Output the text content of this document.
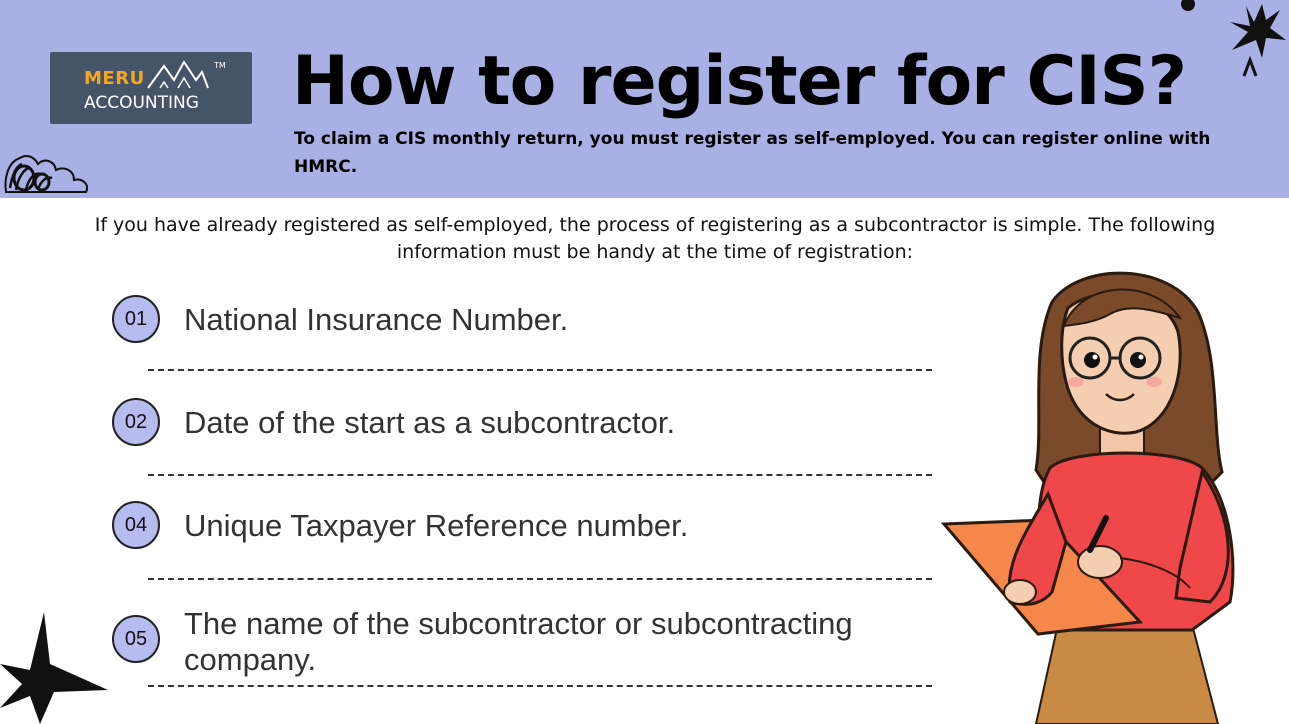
MERU
TM
ACCOUNTING How to register for CIS?

To claim a CIS monthly return, you must register as self-employed. You can register online with HMRC.

If you have already registered as self-employed, the process of registering as a subcontractor is simple. The following information must be handy at the time of registration:

01	National Insurance Number.
02	Date of the start as a subcontractor.
04	Unique Taxpayer Reference number.
05	The name of the subcontractor or subcontracting company.
